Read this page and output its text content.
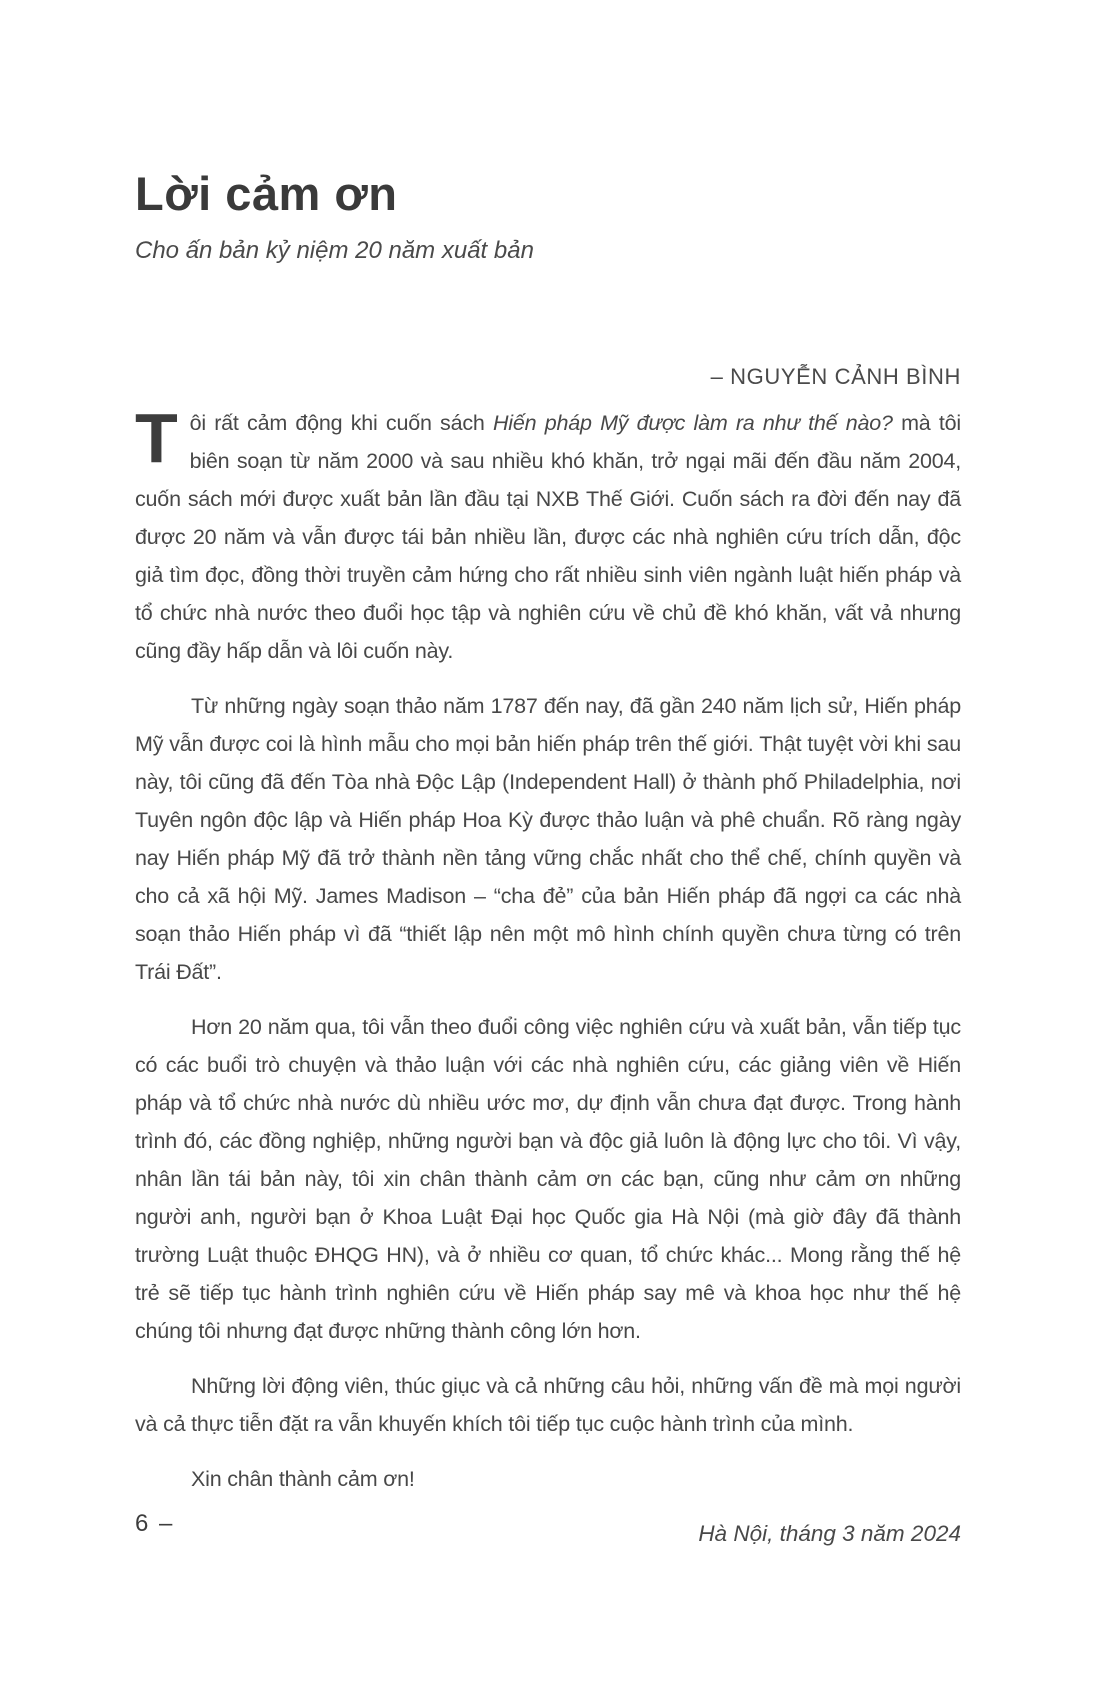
Lời cảm ơn
Cho ấn bản kỷ niệm 20 năm xuất bản
– NGUYỄN CẢNH BÌNH

Tôi rất cảm động khi cuốn sách Hiến pháp Mỹ được làm ra như thế nào? mà tôi biên soạn từ năm 2000 và sau nhiều khó khăn, trở ngại mãi đến đầu năm 2004, cuốn sách mới được xuất bản lần đầu tại NXB Thế Giới. Cuốn sách ra đời đến nay đã được 20 năm và vẫn được tái bản nhiều lần, được các nhà nghiên cứu trích dẫn, độc giả tìm đọc, đồng thời truyền cảm hứng cho rất nhiều sinh viên ngành luật hiến pháp và tổ chức nhà nước theo đuổi học tập và nghiên cứu về chủ đề khó khăn, vất vả nhưng cũng đầy hấp dẫn và lôi cuốn này.

Từ những ngày soạn thảo năm 1787 đến nay, đã gần 240 năm lịch sử, Hiến pháp Mỹ vẫn được coi là hình mẫu cho mọi bản hiến pháp trên thế giới. Thật tuyệt vời khi sau này, tôi cũng đã đến Tòa nhà Độc Lập (Independent Hall) ở thành phố Philadelphia, nơi Tuyên ngôn độc lập và Hiến pháp Hoa Kỳ được thảo luận và phê chuẩn. Rõ ràng ngày nay Hiến pháp Mỹ đã trở thành nền tảng vững chắc nhất cho thể chế, chính quyền và cho cả xã hội Mỹ. James Madison – “cha đẻ” của bản Hiến pháp đã ngợi ca các nhà soạn thảo Hiến pháp vì đã “thiết lập nên một mô hình chính quyền chưa từng có trên Trái Đất”.

Hơn 20 năm qua, tôi vẫn theo đuổi công việc nghiên cứu và xuất bản, vẫn tiếp tục có các buổi trò chuyện và thảo luận với các nhà nghiên cứu, các giảng viên về Hiến pháp và tổ chức nhà nước dù nhiều ước mơ, dự định vẫn chưa đạt được. Trong hành trình đó, các đồng nghiệp, những người bạn và độc giả luôn là động lực cho tôi. Vì vậy, nhân lần tái bản này, tôi xin chân thành cảm ơn các bạn, cũng như cảm ơn những người anh, người bạn ở Khoa Luật Đại học Quốc gia Hà Nội (mà giờ đây đã thành trường Luật thuộc ĐHQG HN), và ở nhiều cơ quan, tổ chức khác... Mong rằng thế hệ trẻ sẽ tiếp tục hành trình nghiên cứu về Hiến pháp say mê và khoa học như thế hệ chúng tôi nhưng đạt được những thành công lớn hơn.

Những lời động viên, thúc giục và cả những câu hỏi, những vấn đề mà mọi người và cả thực tiễn đặt ra vẫn khuyến khích tôi tiếp tục cuộc hành trình của mình.

Xin chân thành cảm ơn!

Hà Nội, tháng 3 năm 2024
6 –
